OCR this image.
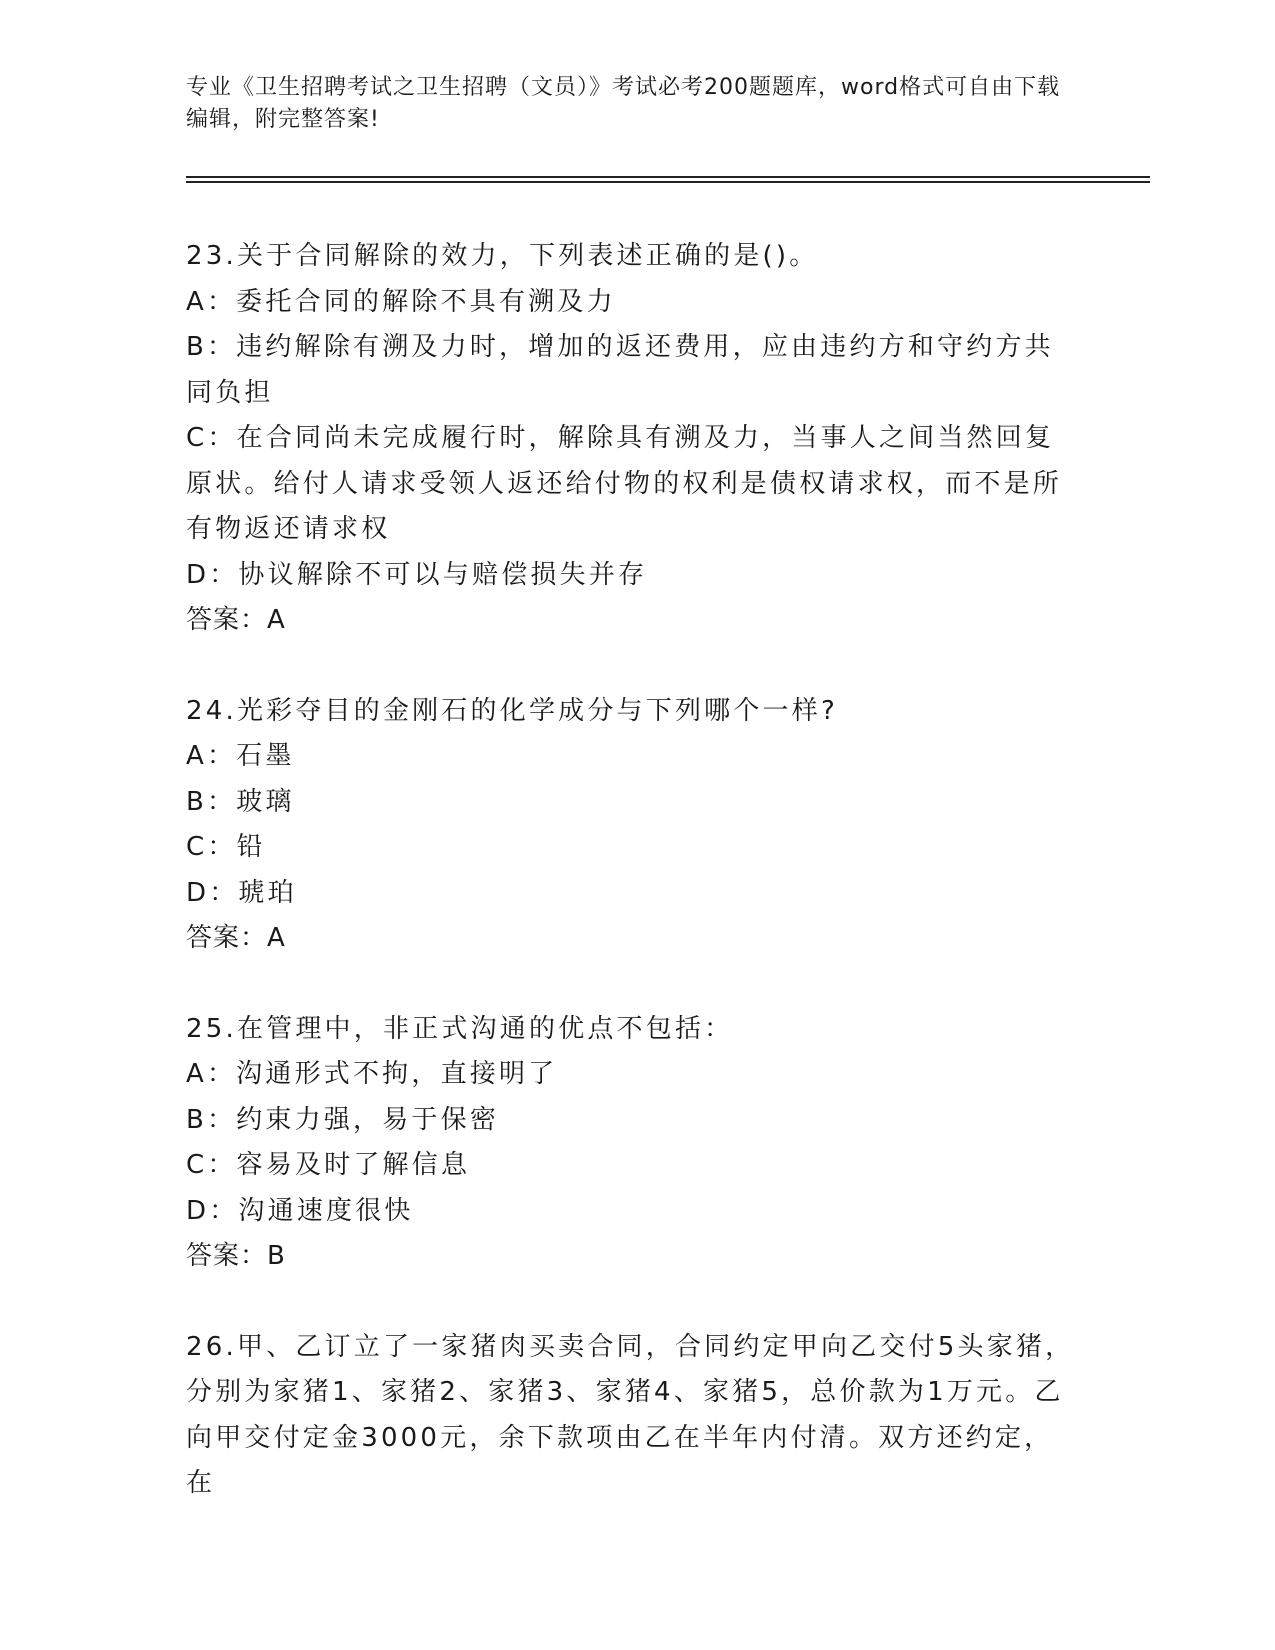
专业《卫生招聘考试之卫生招聘（文员）》考试必考200题题库，word格式可自由下载编辑，附完整答案!

23.关于合同解除的效力，下列表述正确的是()。

A：委托合同的解除不具有溯及力

B：违约解除有溯及力时，增加的返还费用，应由违约方和守约方共同负担

C：在合同尚未完成履行时，解除具有溯及力，当事人之间当然回复原状。给付人请求受领人返还给付物的权利是债权请求权，而不是所有物返还请求权

D：协议解除不可以与赔偿损失并存

答案：A

24.光彩夺目的金刚石的化学成分与下列哪个一样?

A：石墨

B：玻璃

C：铅

D：琥珀

答案：A

25.在管理中，非正式沟通的优点不包括：

A：沟通形式不拘，直接明了

B：约束力强，易于保密

C：容易及时了解信息

D：沟通速度很快

答案：B

26.甲、乙订立了一家猪肉买卖合同，合同约定甲向乙交付5头家猪，分别为家猪1、家猪2、家猪3、家猪4、家猪5，总价款为1万元。乙向甲交付定金3000元，余下款项由乙在半年内付清。双方还约定，在
